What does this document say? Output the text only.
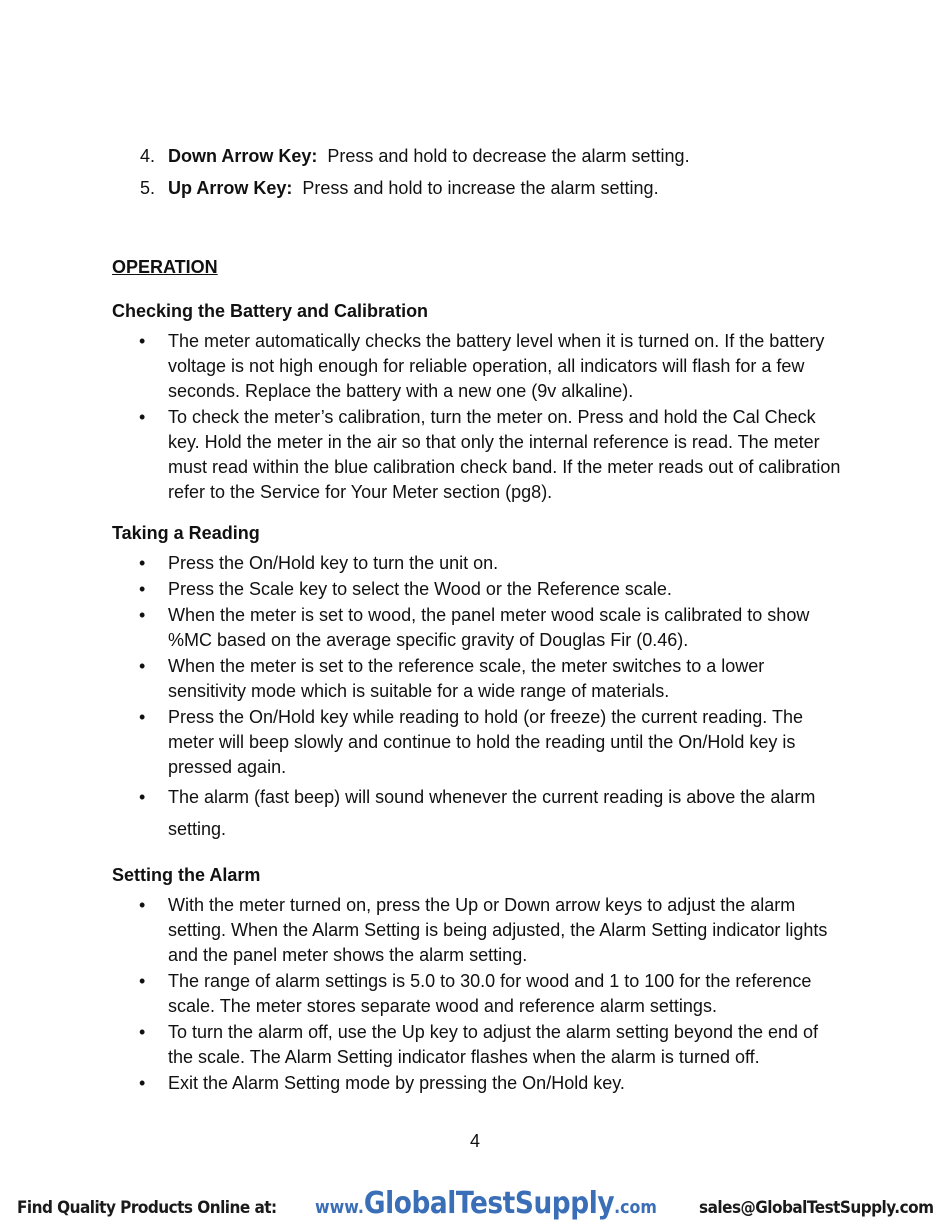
4. Down Arrow Key: Press and hold to decrease the alarm setting.
5. Up Arrow Key: Press and hold to increase the alarm setting.
OPERATION
Checking the Battery and Calibration
• The meter automatically checks the battery level when it is turned on. If the battery voltage is not high enough for reliable operation, all indicators will flash for a few seconds. Replace the battery with a new one (9v alkaline).
• To check the meter’s calibration, turn the meter on. Press and hold the Cal Check key. Hold the meter in the air so that only the internal reference is read. The meter must read within the blue calibration check band. If the meter reads out of calibration refer to the Service for Your Meter section (pg8).
Taking a Reading
• Press the On/Hold key to turn the unit on.
• Press the Scale key to select the Wood or the Reference scale.
• When the meter is set to wood, the panel meter wood scale is calibrated to show %MC based on the average specific gravity of Douglas Fir (0.46).
• When the meter is set to the reference scale, the meter switches to a lower sensitivity mode which is suitable for a wide range of materials.
• Press the On/Hold key while reading to hold (or freeze) the current reading. The meter will beep slowly and continue to hold the reading until the On/Hold key is pressed again.
• The alarm (fast beep) will sound whenever the current reading is above the alarm setting.
Setting the Alarm
• With the meter turned on, press the Up or Down arrow keys to adjust the alarm setting. When the Alarm Setting is being adjusted, the Alarm Setting indicator lights and the panel meter shows the alarm setting.
• The range of alarm settings is 5.0 to 30.0 for wood and 1 to 100 for the reference scale. The meter stores separate wood and reference alarm settings.
• To turn the alarm off, use the Up key to adjust the alarm setting beyond the end of the scale. The Alarm Setting indicator flashes when the alarm is turned off.
• Exit the Alarm Setting mode by pressing the On/Hold key.
4
Find Quality Products Online at: www.GlobalTestSupply.com sales@GlobalTestSupply.com
